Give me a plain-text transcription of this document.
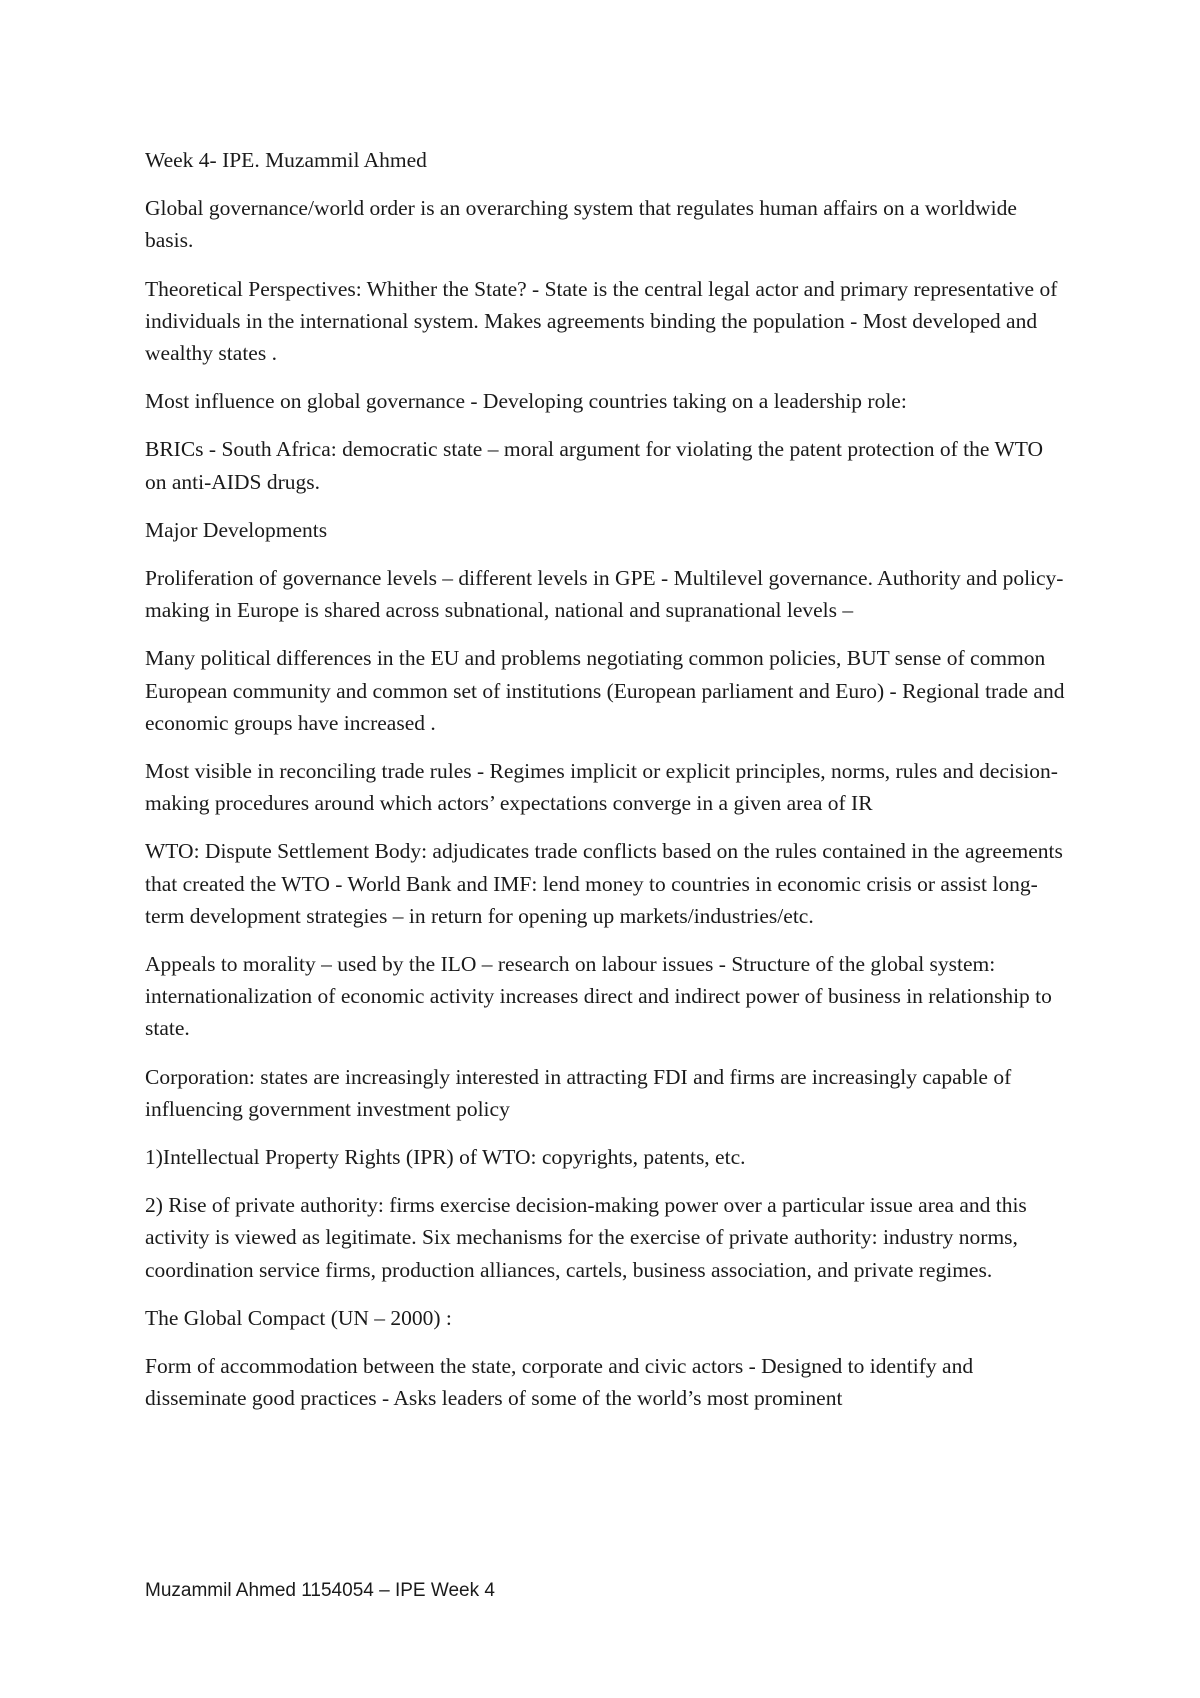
Week 4- IPE. Muzammil Ahmed

Global governance/world order is an overarching system that regulates human affairs on a worldwide basis.

Theoretical Perspectives: Whither the State? - State is the central legal actor and primary representative of individuals in the international system. Makes agreements binding the population - Most developed and wealthy states .

Most influence on global governance - Developing countries taking on a leadership role:

BRICs - South Africa: democratic state – moral argument for violating the patent protection of the WTO on anti-AIDS drugs.

Major Developments

Proliferation of governance levels – different levels in GPE - Multilevel governance. Authority and policy-making in Europe is shared across subnational, national and supranational levels –

Many political differences in the EU and problems negotiating common policies, BUT sense of common European community and common set of institutions (European parliament and Euro) - Regional trade and economic groups have increased .

Most visible in reconciling trade rules - Regimes implicit or explicit principles, norms, rules and decision-making procedures around which actors’ expectations converge in a given area of IR

WTO: Dispute Settlement Body: adjudicates trade conflicts based on the rules contained in the agreements that created the WTO - World Bank and IMF: lend money to countries in economic crisis or assist long-term development strategies – in return for opening up markets/industries/etc.

Appeals to morality – used by the ILO – research on labour issues - Structure of the global system: internationalization of economic activity increases direct and indirect power of business in relationship to state.

Corporation: states are increasingly interested in attracting FDI and firms are increasingly capable of influencing government investment policy

1)Intellectual Property Rights (IPR) of WTO: copyrights, patents, etc.

2) Rise of private authority: firms exercise decision-making power over a particular issue area and this activity is viewed as legitimate. Six mechanisms for the exercise of private authority: industry norms, coordination service firms, production alliances, cartels, business association, and private regimes.

The Global Compact (UN – 2000) :

Form of accommodation between the state, corporate and civic actors - Designed to identify and disseminate good practices - Asks leaders of some of the world’s most prominent

Muzammil Ahmed 1154054 – IPE Week 4
